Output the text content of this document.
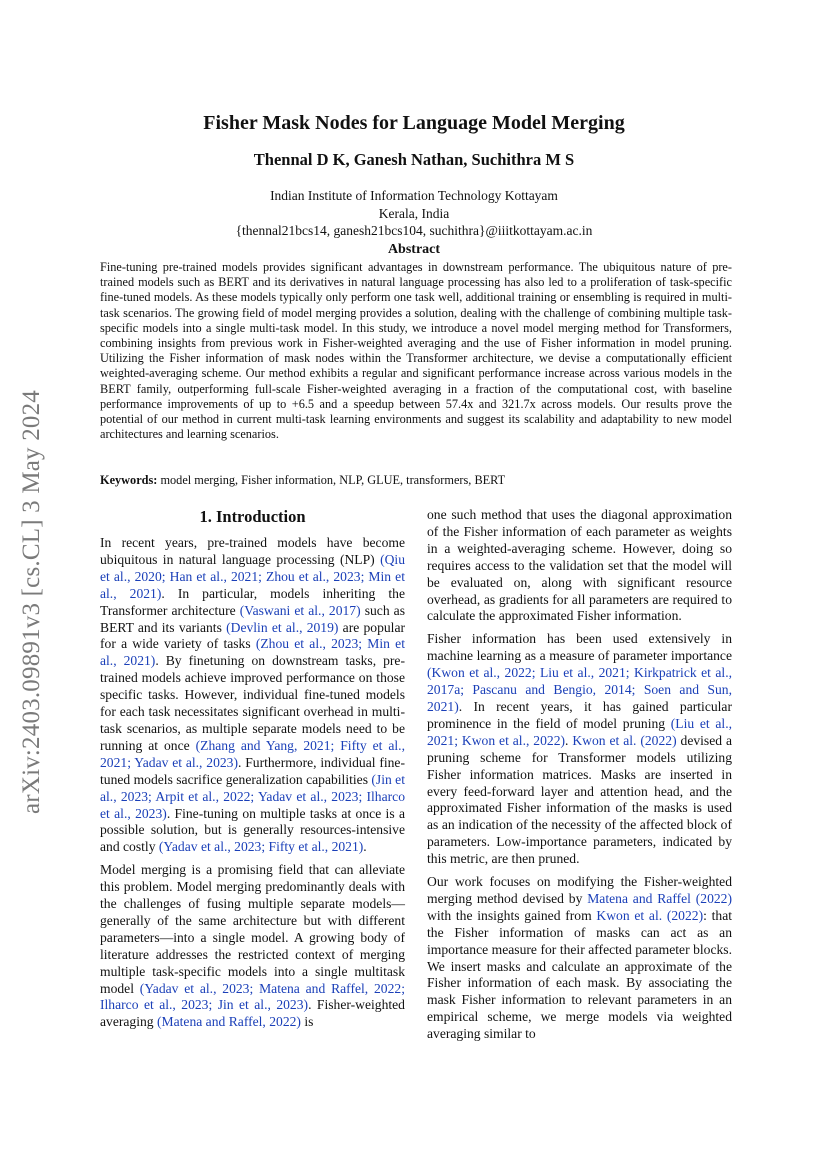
arXiv:2403.09891v3 [cs.CL] 3 May 2024
Fisher Mask Nodes for Language Model Merging
Thennal D K, Ganesh Nathan, Suchithra M S
Indian Institute of Information Technology Kottayam
Kerala, India
{thennal21bcs14, ganesh21bcs104, suchithra}@iiitkottayam.ac.in
Abstract

Fine-tuning pre-trained models provides significant advantages in downstream performance. The ubiquitous nature of pre-trained models such as BERT and its derivatives in natural language processing has also led to a proliferation of task-specific fine-tuned models. As these models typically only perform one task well, additional training or ensembling is required in multi-task scenarios. The growing field of model merging provides a solution, dealing with the challenge of combining multiple task-specific models into a single multi-task model. In this study, we introduce a novel model merging method for Transformers, combining insights from previous work in Fisher-weighted averaging and the use of Fisher information in model pruning. Utilizing the Fisher information of mask nodes within the Transformer architecture, we devise a computationally efficient weighted-averaging scheme. Our method exhibits a regular and significant performance increase across various models in the BERT family, outperforming full-scale Fisher-weighted averaging in a fraction of the computational cost, with baseline performance improvements of up to +6.5 and a speedup between 57.4x and 321.7x across models. Our results prove the potential of our method in current multi-task learning environments and suggest its scalability and adaptability to new model architectures and learning scenarios.

Keywords: model merging, Fisher information, NLP, GLUE, transformers, BERT

1. Introduction

In recent years, pre-trained models have become ubiquitous in natural language processing (NLP) (Qiu et al., 2020; Han et al., 2021; Zhou et al., 2023; Min et al., 2021). In particular, models inheriting the Transformer architecture (Vaswani et al., 2017) such as BERT and its variants (Devlin et al., 2019) are popular for a wide variety of tasks (Zhou et al., 2023; Min et al., 2021). By finetuning on downstream tasks, pre-trained models achieve improved performance on those specific tasks. However, individual fine-tuned models for each task necessitates significant overhead in multi-task scenarios, as multiple separate models need to be running at once (Zhang and Yang, 2021; Fifty et al., 2021; Yadav et al., 2023). Furthermore, individual fine-tuned models sacrifice generalization capabilities (Jin et al., 2023; Arpit et al., 2022; Yadav et al., 2023; Ilharco et al., 2023). Fine-tuning on multiple tasks at once is a possible solution, but is generally resources-intensive and costly (Yadav et al., 2023; Fifty et al., 2021).

Model merging is a promising field that can alleviate this problem. Model merging predominantly deals with the challenges of fusing multiple separate models—generally of the same architecture but with different parameters—into a single model. A growing body of literature addresses the restricted context of merging multiple task-specific models into a single multitask model (Yadav et al., 2023; Matena and Raffel, 2022; Ilharco et al., 2023; Jin et al., 2023). Fisher-weighted averaging (Matena and Raffel, 2022) is

one such method that uses the diagonal approximation of the Fisher information of each parameter as weights in a weighted-averaging scheme. However, doing so requires access to the validation set that the model will be evaluated on, along with significant resource overhead, as gradients for all parameters are required to calculate the approximated Fisher information.

Fisher information has been used extensively in machine learning as a measure of parameter importance (Kwon et al., 2022; Liu et al., 2021; Kirkpatrick et al., 2017a; Pascanu and Bengio, 2014; Soen and Sun, 2021). In recent years, it has gained particular prominence in the field of model pruning (Liu et al., 2021; Kwon et al., 2022). Kwon et al. (2022) devised a pruning scheme for Transformer models utilizing Fisher information matrices. Masks are inserted in every feed-forward layer and attention head, and the approximated Fisher information of the masks is used as an indication of the necessity of the affected block of parameters. Low-importance parameters, indicated by this metric, are then pruned.

Our work focuses on modifying the Fisher-weighted merging method devised by Matena and Raffel (2022) with the insights gained from Kwon et al. (2022): that the Fisher information of masks can act as an importance measure for their affected parameter blocks. We insert masks and calculate an approximate of the Fisher information of each mask. By associating the mask Fisher information to relevant parameters in an empirical scheme, we merge models via weighted averaging similar to
